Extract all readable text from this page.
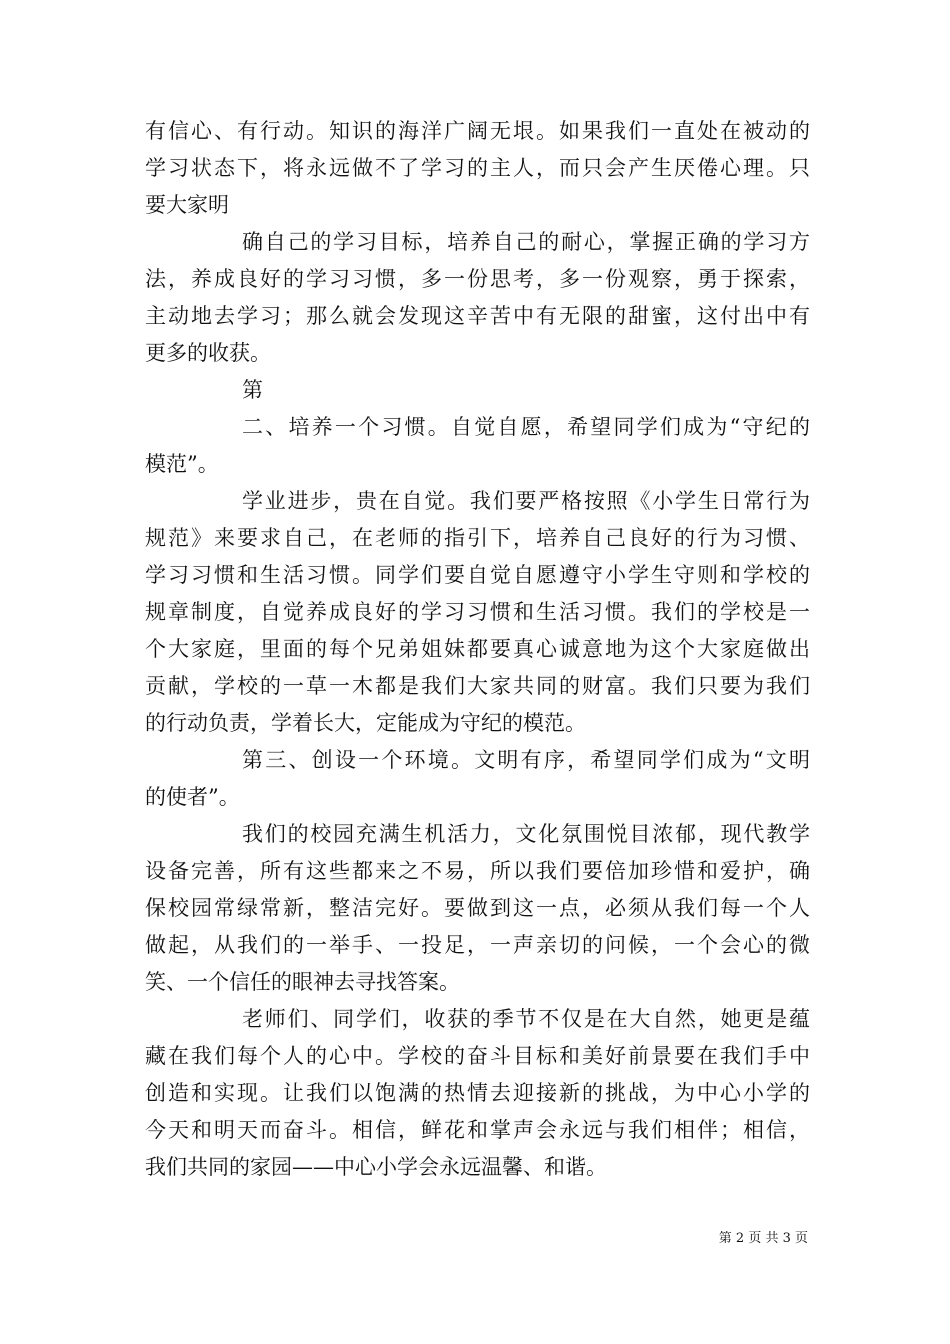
有信心、有行动。知识的海洋广阔无垠。如果我们一直处在被动的
学习状态下，将永远做不了学习的主人，而只会产生厌倦心理。只
要大家明
确自己的学习目标，培养自己的耐心，掌握正确的学习方
法，养成良好的学习习惯，多一份思考，多一份观察，勇于探索，
主动地去学习；那么就会发现这辛苦中有无限的甜蜜，这付出中有
更多的收获。
第
二、培养一个习惯。自觉自愿，希望同学们成为“守纪的
模范”。
学业进步，贵在自觉。我们要严格按照《小学生日常行为
规范》来要求自己，在老师的指引下，培养自己良好的行为习惯、
学习习惯和生活习惯。同学们要自觉自愿遵守小学生守则和学校的
规章制度，自觉养成良好的学习习惯和生活习惯。我们的学校是一
个大家庭，里面的每个兄弟姐妹都要真心诚意地为这个大家庭做出
贡献，学校的一草一木都是我们大家共同的财富。我们只要为我们
的行动负责，学着长大，定能成为守纪的模范。
第三、创设一个环境。文明有序，希望同学们成为“文明
的使者”。
我们的校园充满生机活力，文化氛围悦目浓郁，现代教学
设备完善，所有这些都来之不易，所以我们要倍加珍惜和爱护，确
保校园常绿常新，整洁完好。要做到这一点，必须从我们每一个人
做起，从我们的一举手、一投足，一声亲切的问候，一个会心的微
笑、一个信任的眼神去寻找答案。
老师们、同学们，收获的季节不仅是在大自然，她更是蕴
藏在我们每个人的心中。学校的奋斗目标和美好前景要在我们手中
创造和实现。让我们以饱满的热情去迎接新的挑战，为中心小学的
今天和明天而奋斗。相信，鲜花和掌声会永远与我们相伴；相信，
我们共同的家园——中心小学会永远温馨、和谐。
第 2 页 共 3 页
